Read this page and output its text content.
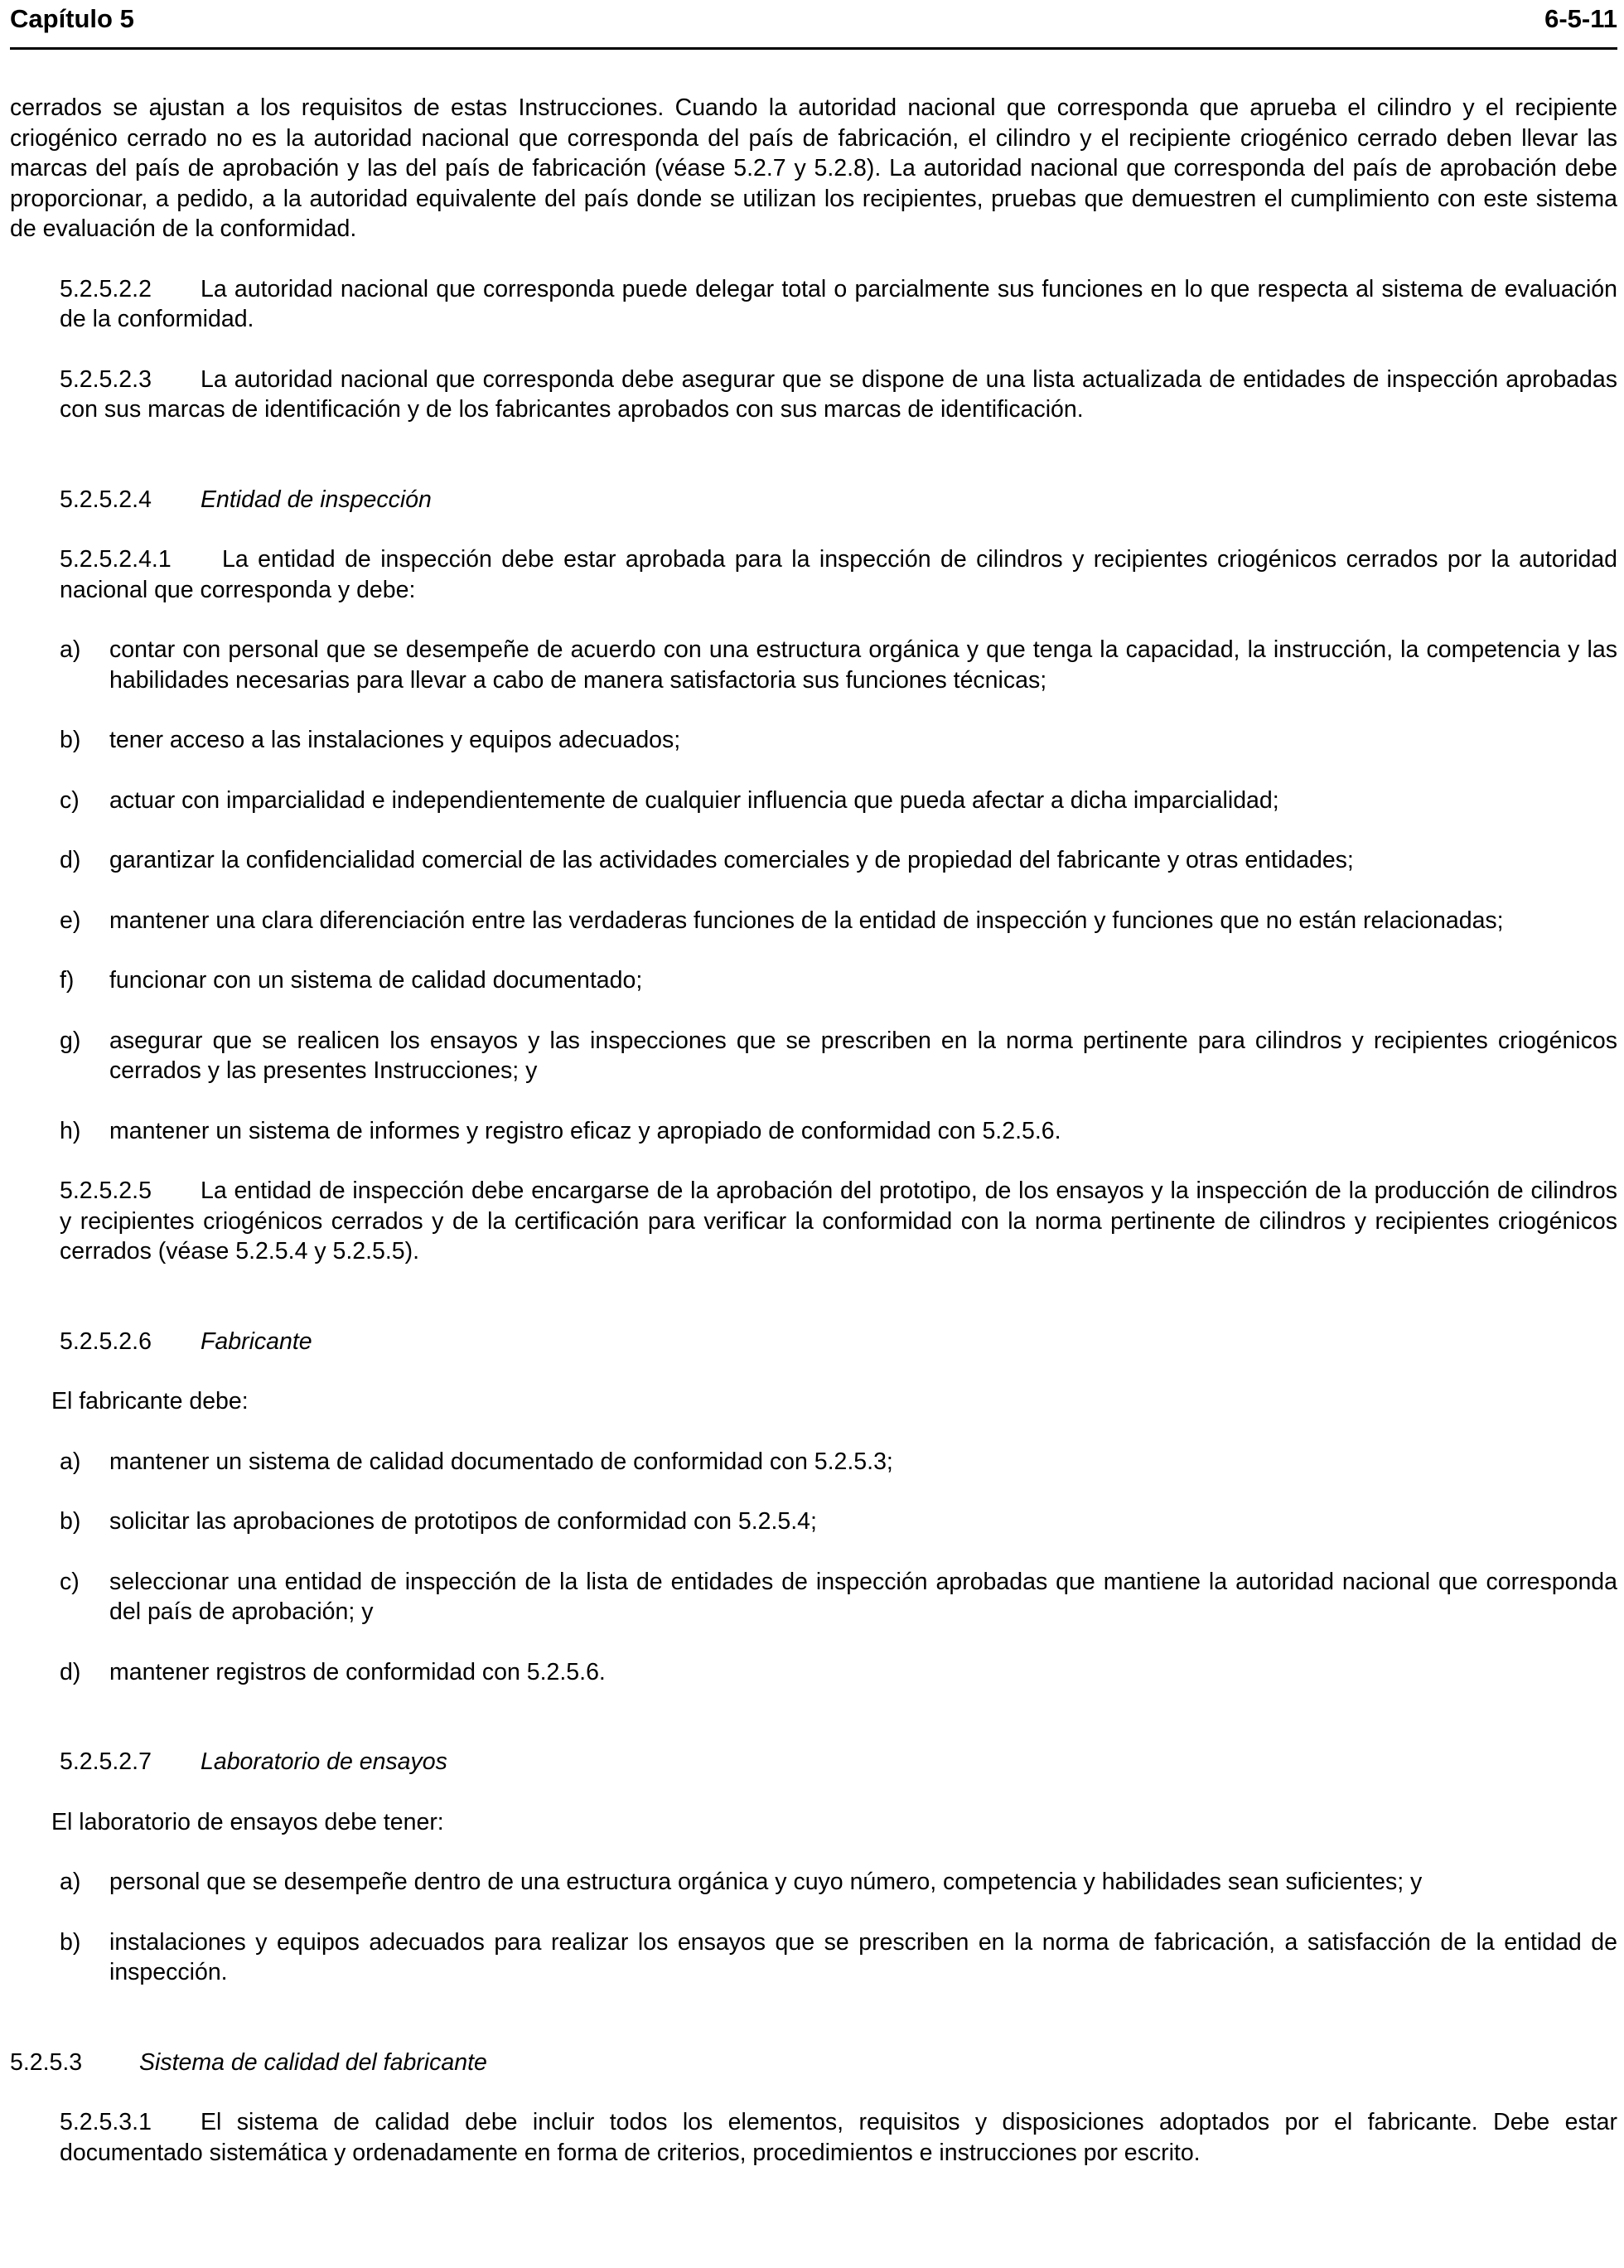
Capítulo 5	6-5-11

cerrados se ajustan a los requisitos de estas Instrucciones. Cuando la autoridad nacional que corresponda que aprueba el cilindro y el recipiente criogénico cerrado no es la autoridad nacional que corresponda del país de fabricación, el cilindro y el recipiente criogénico cerrado deben llevar las marcas del país de aprobación y las del país de fabricación (véase 5.2.7 y 5.2.8). La autoridad nacional que corresponda del país de aprobación debe proporcionar, a pedido, a la autoridad equivalente del país donde se utilizan los recipientes, pruebas que demuestren el cumplimiento con este sistema de evaluación de la conformidad.

5.2.5.2.2 La autoridad nacional que corresponda puede delegar total o parcialmente sus funciones en lo que respecta al sistema de evaluación de la conformidad.

5.2.5.2.3 La autoridad nacional que corresponda debe asegurar que se dispone de una lista actualizada de entidades de inspección aprobadas con sus marcas de identificación y de los fabricantes aprobados con sus marcas de identificación.

5.2.5.2.4 Entidad de inspección

5.2.5.2.4.1 La entidad de inspección debe estar aprobada para la inspección de cilindros y recipientes criogénicos cerrados por la autoridad nacional que corresponda y debe:

a) contar con personal que se desempeñe de acuerdo con una estructura orgánica y que tenga la capacidad, la instrucción, la competencia y las habilidades necesarias para llevar a cabo de manera satisfactoria sus funciones técnicas;

b) tener acceso a las instalaciones y equipos adecuados;

c) actuar con imparcialidad e independientemente de cualquier influencia que pueda afectar a dicha imparcialidad;

d) garantizar la confidencialidad comercial de las actividades comerciales y de propiedad del fabricante y otras entidades;

e) mantener una clara diferenciación entre las verdaderas funciones de la entidad de inspección y funciones que no están relacionadas;

f) funcionar con un sistema de calidad documentado;

g) asegurar que se realicen los ensayos y las inspecciones que se prescriben en la norma pertinente para cilindros y recipientes criogénicos cerrados y las presentes Instrucciones; y

h) mantener un sistema de informes y registro eficaz y apropiado de conformidad con 5.2.5.6.

5.2.5.2.5 La entidad de inspección debe encargarse de la aprobación del prototipo, de los ensayos y la inspección de la producción de cilindros y recipientes criogénicos cerrados y de la certificación para verificar la conformidad con la norma pertinente de cilindros y recipientes criogénicos cerrados (véase 5.2.5.4 y 5.2.5.5).

5.2.5.2.6 Fabricante

El fabricante debe:

a) mantener un sistema de calidad documentado de conformidad con 5.2.5.3;

b) solicitar las aprobaciones de prototipos de conformidad con 5.2.5.4;

c) seleccionar una entidad de inspección de la lista de entidades de inspección aprobadas que mantiene la autoridad nacional que corresponda del país de aprobación; y

d) mantener registros de conformidad con 5.2.5.6.

5.2.5.2.7 Laboratorio de ensayos

El laboratorio de ensayos debe tener:

a) personal que se desempeñe dentro de una estructura orgánica y cuyo número, competencia y habilidades sean suficientes; y

b) instalaciones y equipos adecuados para realizar los ensayos que se prescriben en la norma de fabricación, a satisfacción de la entidad de inspección.

5.2.5.3 Sistema de calidad del fabricante

5.2.5.3.1 El sistema de calidad debe incluir todos los elementos, requisitos y disposiciones adoptados por el fabricante. Debe estar documentado sistemática y ordenadamente en forma de criterios, procedimientos e instrucciones por escrito.
